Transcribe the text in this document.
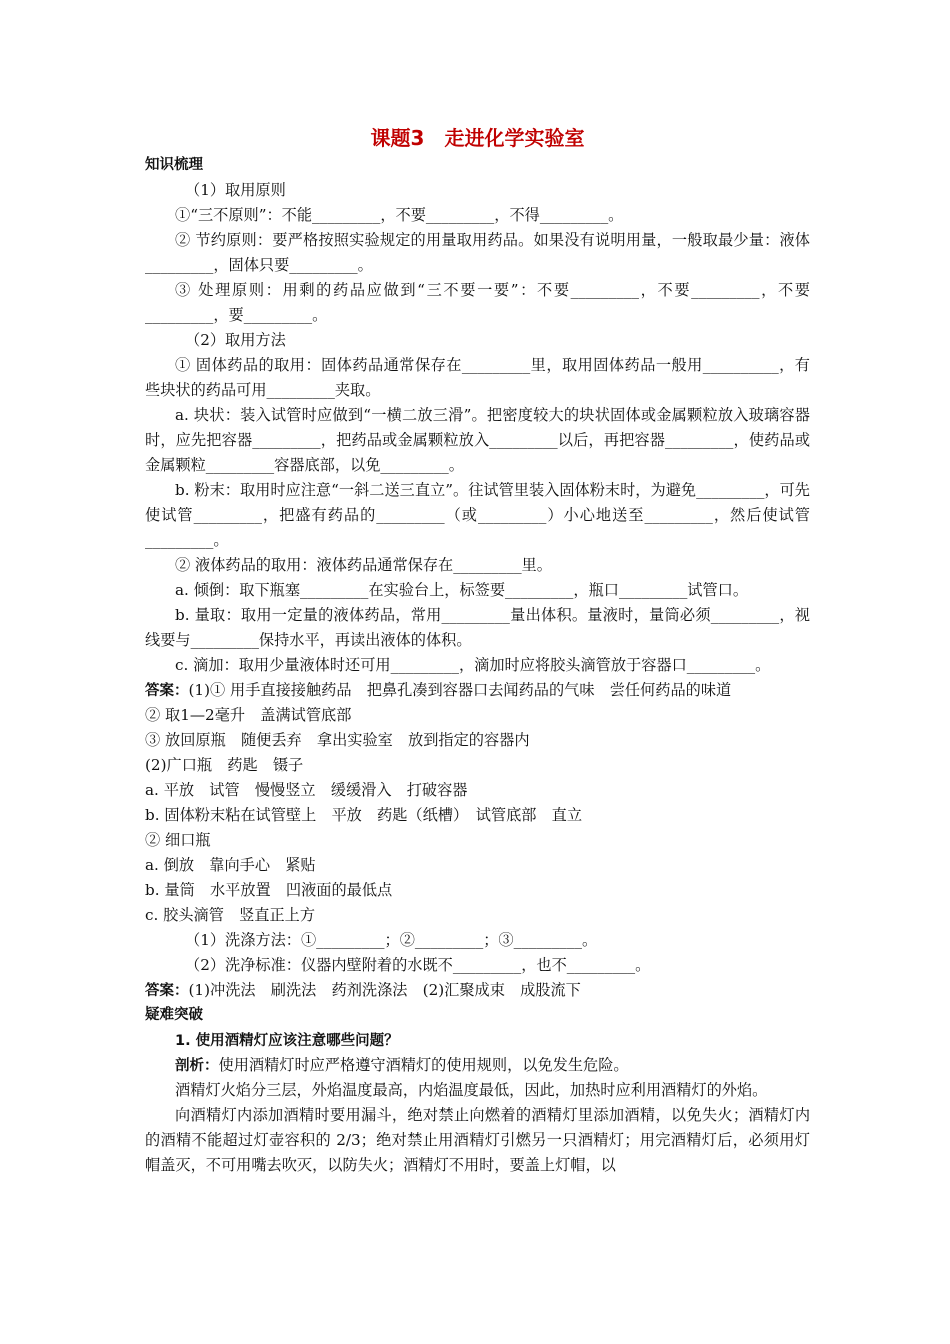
课题3　走进化学实验室
知识梳理
（1）取用原则
①“三不原则”：不能_________，不要_________，不得_________。
② 节约原则：要严格按照实验规定的用量取用药品。如果没有说明用量，一般取最少量：液体_________，固体只要_________。
③ 处理原则：用剩的药品应做到“三不要一要”：不要_________，不要_________，不要_________，要_________。
（2）取用方法
① 固体药品的取用：固体药品通常保存在_________里，取用固体药品一般用__________，有些块状的药品可用_________夹取。
a. 块状：装入试管时应做到“一横二放三滑”。把密度较大的块状固体或金属颗粒放入玻璃容器时，应先把容器_________，把药品或金属颗粒放入_________以后，再把容器_________，使药品或金属颗粒_________容器底部，以免_________。
b. 粉末：取用时应注意“一斜二送三直立”。往试管里装入固体粉末时，为避免_________，可先使试管_________，把盛有药品的_________（或_________）小心地送至_________，然后使试管_________。
② 液体药品的取用：液体药品通常保存在_________里。
a. 倾倒：取下瓶塞_________在实验台上，标签要_________，瓶口_________试管口。
b. 量取：取用一定量的液体药品，常用_________量出体积。量液时，量筒必须_________，视线要与_________保持水平，再读出液体的体积。
c. 滴加：取用少量液体时还可用_________，滴加时应将胶头滴管放于容器口_________。
答案：(1)① 用手直接接触药品　把鼻孔凑到容器口去闻药品的气味　尝任何药品的味道
② 取1—2毫升　盖满试管底部
③ 放回原瓶　随便丢弃　拿出实验室　放到指定的容器内
(2)广口瓶　药匙　镊子
a. 平放　试管　慢慢竖立　缓缓滑入　打破容器
b. 固体粉末粘在试管壁上　平放　药匙（纸槽）　试管底部　直立
② 细口瓶
a. 倒放　靠向手心　紧贴
b. 量筒　水平放置　凹液面的最低点
c. 胶头滴管　竖直正上方
（1）洗涤方法：①_________；②_________；③_________。
（2）洗净标准：仪器内壁附着的水既不_________，也不_________。
答案：(1)冲洗法　刷洗法　药剂洗涤法　(2)汇聚成束　成股流下
疑难突破
1. 使用酒精灯应该注意哪些问题？
剖析：使用酒精灯时应严格遵守酒精灯的使用规则，以免发生危险。
酒精灯火焰分三层，外焰温度最高，内焰温度最低，因此，加热时应利用酒精灯的外焰。
向酒精灯内添加酒精时要用漏斗，绝对禁止向燃着的酒精灯里添加酒精，以免失火；酒精灯内的酒精不能超过灯壶容积的 2/3；绝对禁止用酒精灯引燃另一只酒精灯；用完酒精灯后，必须用灯帽盖灭，不可用嘴去吹灭，以防失火；酒精灯不用时，要盖上灯帽，以
